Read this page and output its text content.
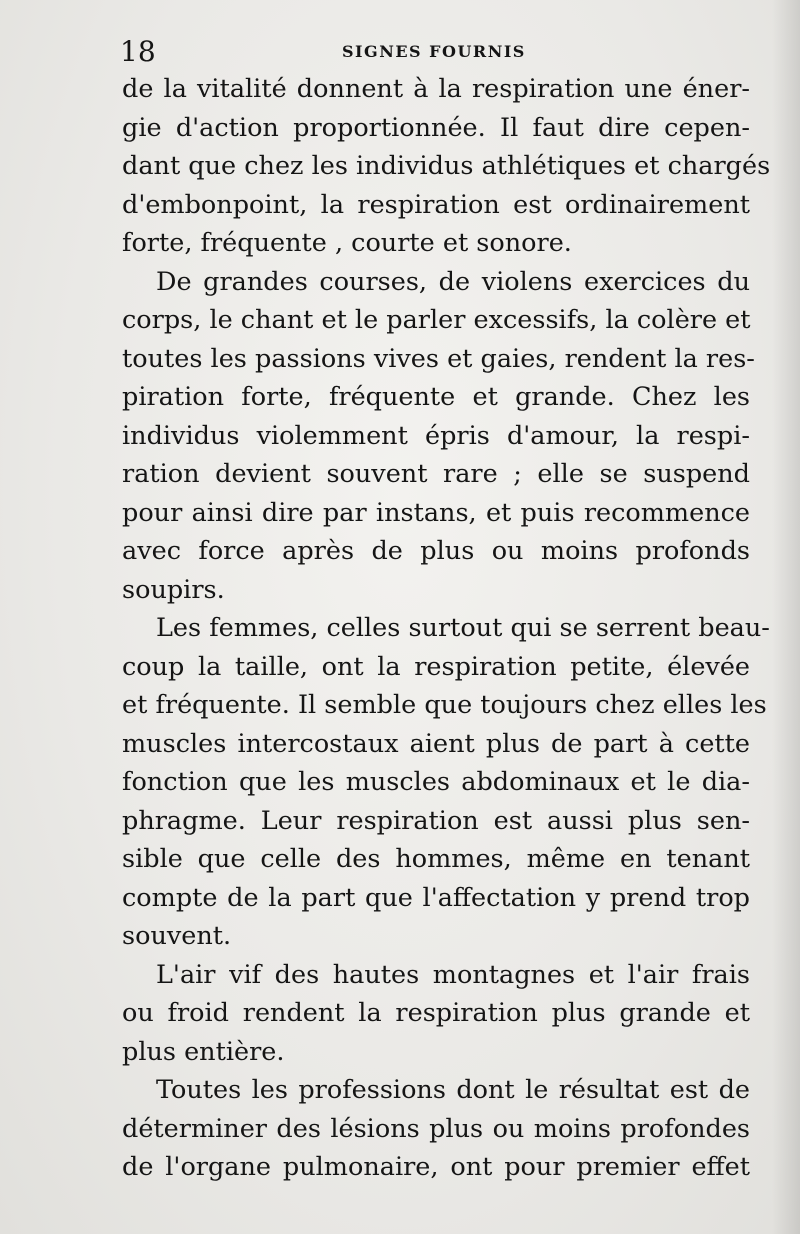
18	SIGNES FOURNIS
de la vitalité donnent à la respiration une éner-
gie d'action proportionnée. Il faut dire cepen-
dant que chez les individus athlétiques et chargés
d'embonpoint, la respiration est ordinairement
forte, fréquente , courte et sonore.
De grandes courses, de violens exercices du
corps, le chant et le parler excessifs, la colère et
toutes les passions vives et gaies, rendent la res-
piration forte, fréquente et grande. Chez les
individus violemment épris d'amour, la respi-
ration devient souvent rare ; elle se suspend
pour ainsi dire par instans, et puis recommence
avec force après de plus ou moins profonds
soupirs.
Les femmes, celles surtout qui se serrent beau-
coup la taille, ont la respiration petite, élevée
et fréquente. Il semble que toujours chez elles les
muscles intercostaux aient plus de part à cette
fonction que les muscles abdominaux et le dia-
phragme. Leur respiration est aussi plus sen-
sible que celle des hommes, même en tenant
compte de la part que l'affectation y prend trop
souvent.
L'air vif des hautes montagnes et l'air frais
ou froid rendent la respiration plus grande et
plus entière.
Toutes les professions dont le résultat est de
déterminer des lésions plus ou moins profondes
de l'organe pulmonaire, ont pour premier effet
